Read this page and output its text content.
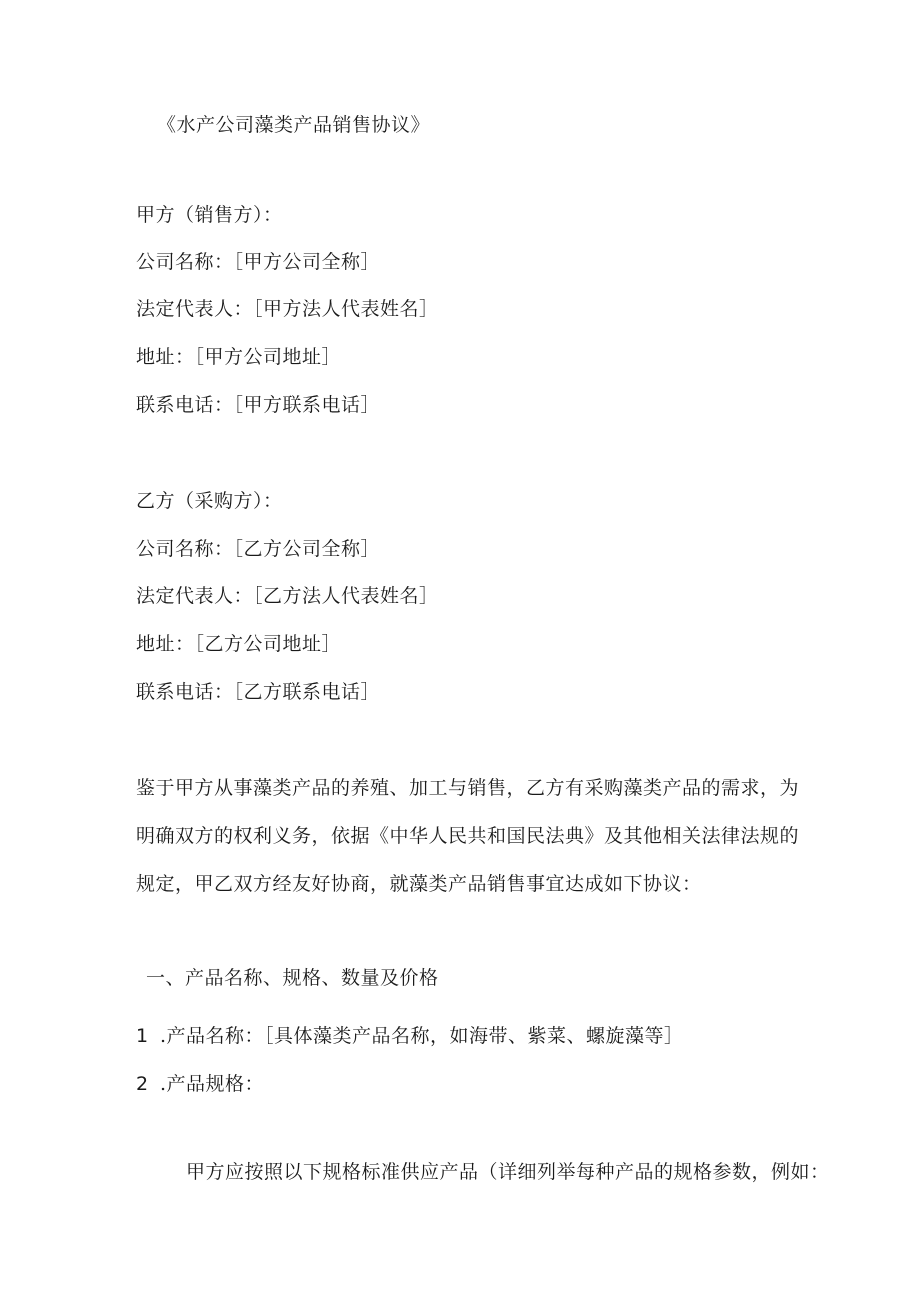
《水产公司藻类产品销售协议》
甲方（销售方）：
公司名称：［甲方公司全称］
法定代表人：［甲方法人代表姓名］
地址：［甲方公司地址］
联系电话：［甲方联系电话］
乙方（采购方）：
公司名称：［乙方公司全称］
法定代表人：［乙方法人代表姓名］
地址：［乙方公司地址］
联系电话：［乙方联系电话］
鉴于甲方从事藻类产品的养殖、加工与销售，乙方有采购藻类产品的需求，为
明确双方的权利义务，依据《中华人民共和国民法典》及其他相关法律法规的
规定，甲乙双方经友好协商，就藻类产品销售事宜达成如下协议：
一、产品名称、规格、数量及价格
1 .产品名称：［具体藻类产品名称，如海带、紫菜、螺旋藻等］
2 .产品规格：
甲方应按照以下规格标准供应产品（详细列举每种产品的规格参数，例如：
